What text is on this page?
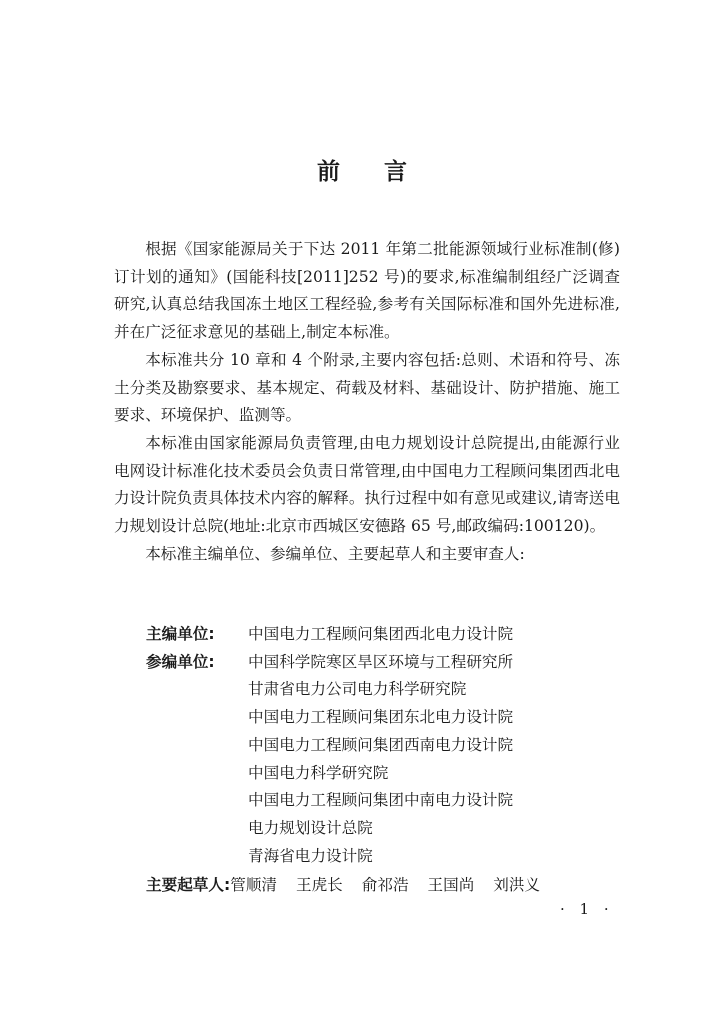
前言

根据《国家能源局关于下达 2011 年第二批能源领域行业标准制(修)订计划的通知》(国能科技[2011]252 号)的要求,标准编制组经广泛调查研究,认真总结我国冻土地区工程经验,参考有关国际标准和国外先进标准,并在广泛征求意见的基础上,制定本标准。

本标准共分 10 章和 4 个附录,主要内容包括:总则、术语和符号、冻土分类及勘察要求、基本规定、荷载及材料、基础设计、防护措施、施工要求、环境保护、监测等。

本标准由国家能源局负责管理,由电力规划设计总院提出,由能源行业电网设计标准化技术委员会负责日常管理,由中国电力工程顾问集团西北电力设计院负责具体技术内容的解释。执行过程中如有意见或建议,请寄送电力规划设计总院(地址:北京市西城区安德路 65 号,邮政编码:100120)。

本标准主编单位、参编单位、主要起草人和主要审查人:

主编单位:	中国电力工程顾问集团西北电力设计院
参编单位:	中国科学院寒区旱区环境与工程研究所
甘肃省电力公司电力科学研究院
中国电力工程顾问集团东北电力设计院
中国电力工程顾问集团西南电力设计院
中国电力科学研究院
中国电力工程顾问集团中南电力设计院
电力规划设计总院
青海省电力设计院
主要起草人: 管顺清 王虎长 俞祁浩 王国尚 刘洪义
· 1 ·
